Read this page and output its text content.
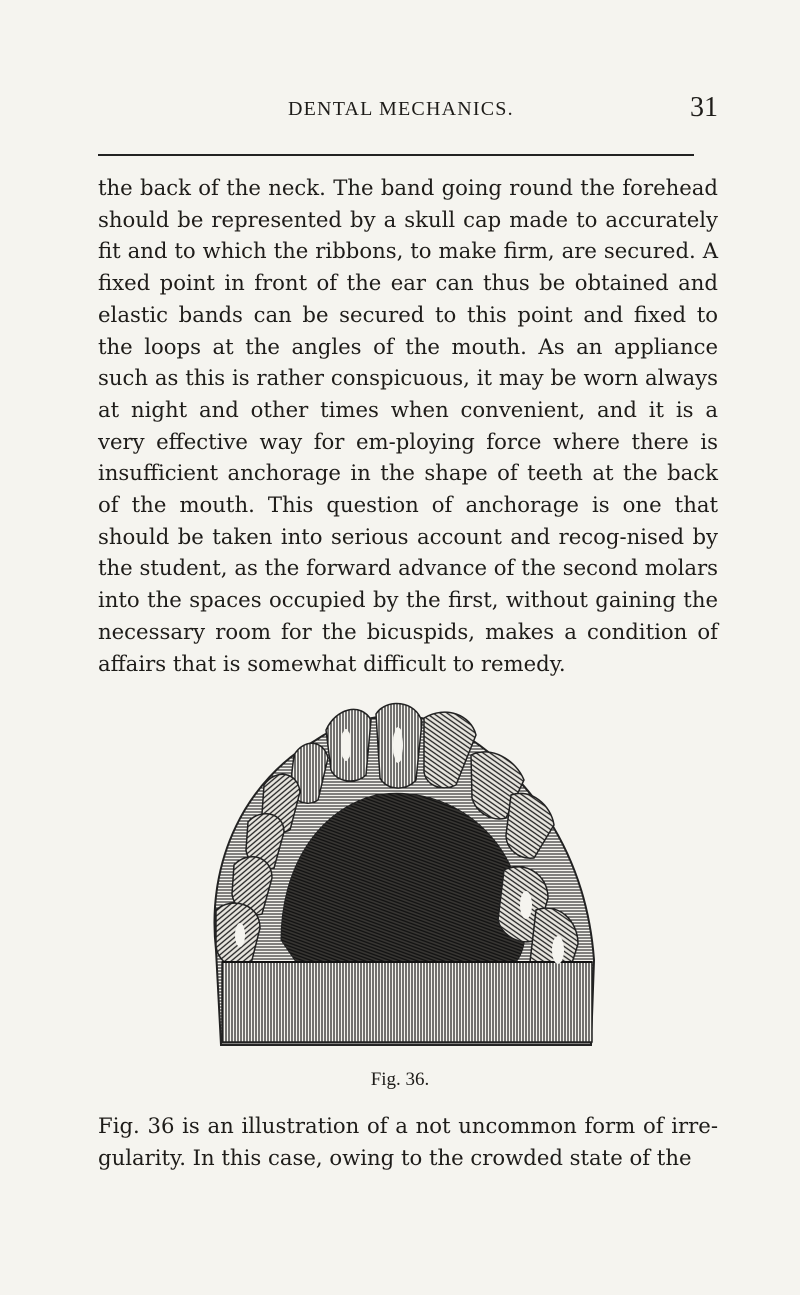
DENTAL MECHANICS.	31

the back of the neck. The band going round the forehead should be represented by a skull cap made to accurately fit and to which the ribbons, to make firm, are secured. A fixed point in front of the ear can thus be obtained and elastic bands can be secured to this point and fixed to the loops at the angles of the mouth. As an appliance such as this is rather conspicuous, it may be worn always at night and other times when convenient, and it is a very effective way for em-ploying force where there is insufficient anchorage in the shape of teeth at the back of the mouth. This question of anchorage is one that should be taken into serious account and recog-nised by the student, as the forward advance of the second molars into the spaces occupied by the first, without gaining the necessary room for the bicuspids, makes a condition of affairs that is somewhat difficult to remedy.

Fig. 36.

Fig. 36 is an illustration of a not uncommon form of irre-gularity. In this case, owing to the crowded state of the
